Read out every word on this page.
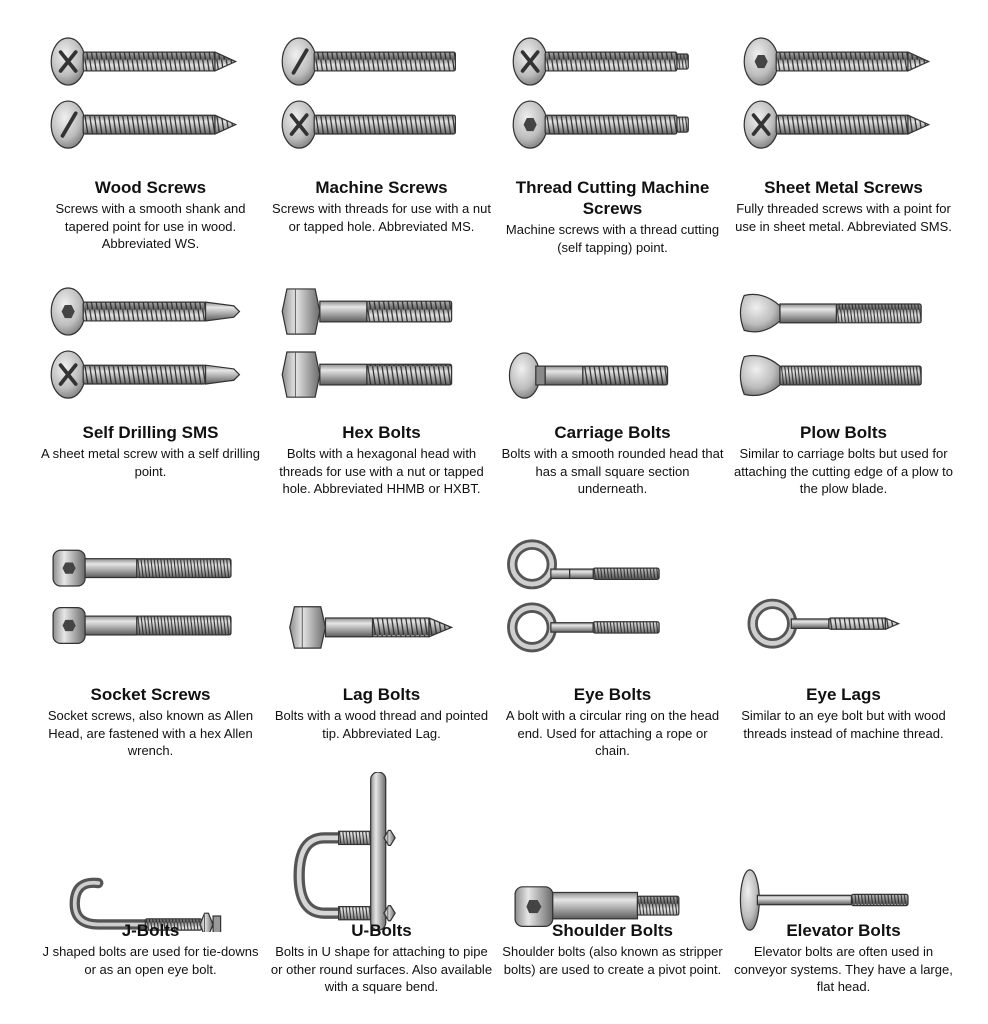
Wood Screws

Screws with a smooth shank and tapered point for use in wood. Abbreviated WS.

Machine Screws

Screws with threads for use with a nut or tapped hole. Abbreviated MS.

Thread Cutting Machine Screws

Machine screws with a thread cutting (self tapping) point.

Sheet Metal Screws

Fully threaded screws with a point for use in sheet metal. Abbreviated SMS.

Self Drilling SMS

A sheet metal screw with a self drilling point.

Hex Bolts

Bolts with a hexagonal head with threads for use with a nut or tapped hole. Abbreviated HHMB or HXBT.

Carriage Bolts

Bolts with a smooth rounded head that has a small square section underneath.

Plow Bolts

Similar to carriage bolts but used for attaching the cutting edge of a plow to the plow blade.

Socket Screws

Socket screws, also known as Allen Head, are fastened with a hex Allen wrench.

Lag Bolts

Bolts with a wood thread and pointed tip. Abbreviated Lag.

Eye Bolts

A bolt with a circular ring on the head end. Used for attaching a rope or chain.

Eye Lags

Similar to an eye bolt but with wood threads instead of machine thread.

J-Bolts

J shaped bolts are used for tie-downs or as an open eye bolt.

U-Bolts

Bolts in U shape for attaching to pipe or other round surfaces. Also available with a square bend.

Shoulder Bolts

Shoulder bolts (also known as stripper bolts) are used to create a pivot point.

Elevator Bolts

Elevator bolts are often used in conveyor systems. They have a large, flat head.
